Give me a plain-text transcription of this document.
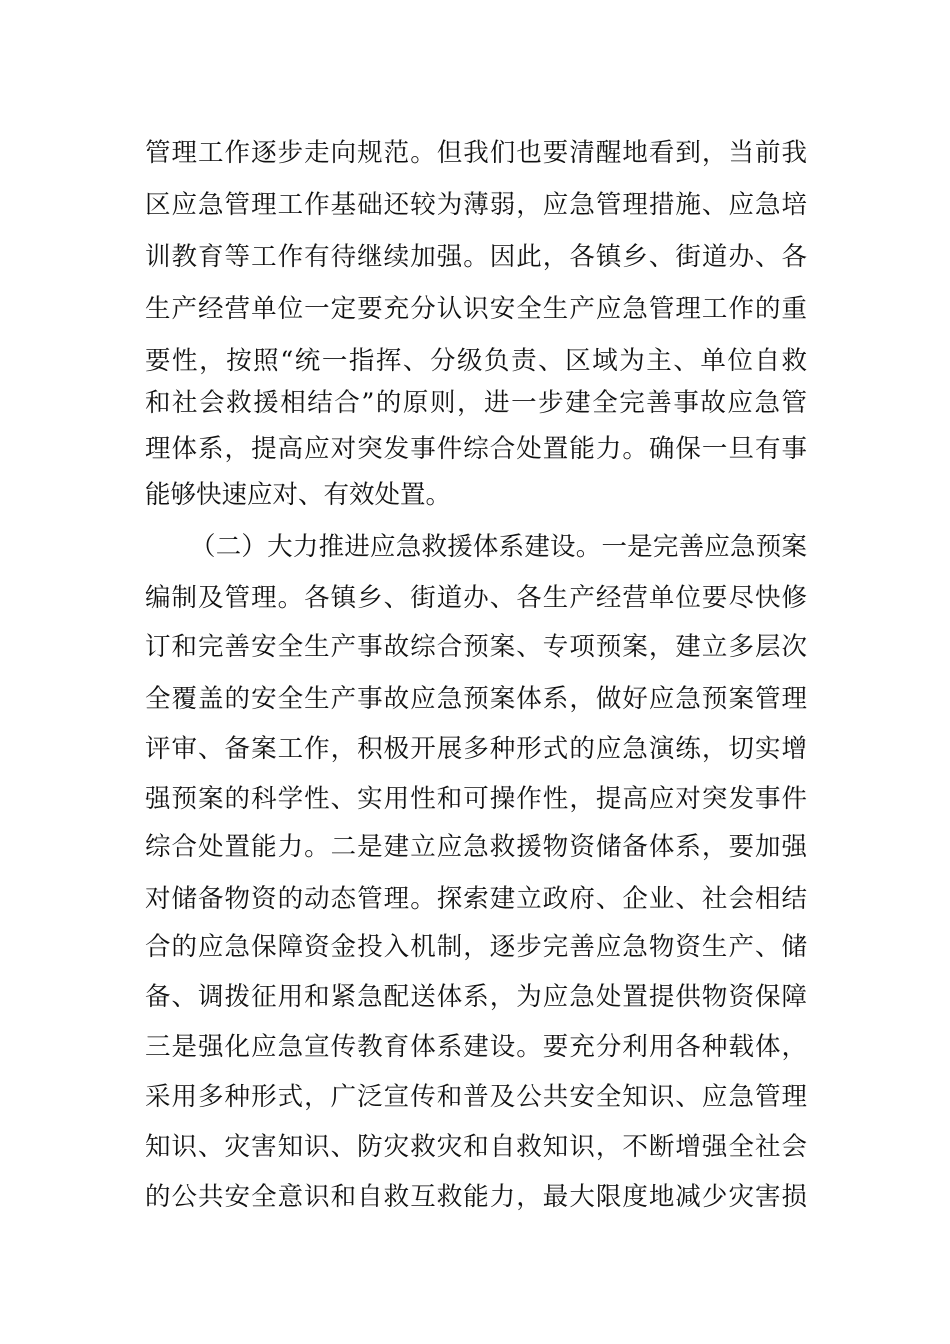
管理工作逐步走向规范。但我们也要清醒地看到，当前我
区应急管理工作基础还较为薄弱，应急管理措施、应急培
训教育等工作有待继续加强。因此，各镇乡、街道办、各
生产经营单位一定要充分认识安全生产应急管理工作的重
要性，按照“统一指挥、分级负责、区域为主、单位自救
和社会救援相结合”的原则，进一步建全完善事故应急管
理体系，提高应对突发事件综合处置能力。确保一旦有事
能够快速应对、有效处置。
（二）大力推进应急救援体系建设。一是完善应急预案
编制及管理。各镇乡、街道办、各生产经营单位要尽快修
订和完善安全生产事故综合预案、专项预案，建立多层次
全覆盖的安全生产事故应急预案体系，做好应急预案管理
评审、备案工作，积极开展多种形式的应急演练，切实增
强预案的科学性、实用性和可操作性，提高应对突发事件
综合处置能力。二是建立应急救援物资储备体系，要加强
对储备物资的动态管理。探索建立政府、企业、社会相结
合的应急保障资金投入机制，逐步完善应急物资生产、储
备、调拨征用和紧急配送体系，为应急处置提供物资保障
三是强化应急宣传教育体系建设。要充分利用各种载体，
采用多种形式，广泛宣传和普及公共安全知识、应急管理
知识、灾害知识、防灾救灾和自救知识，不断增强全社会
的公共安全意识和自救互救能力，最大限度地减少灾害损
